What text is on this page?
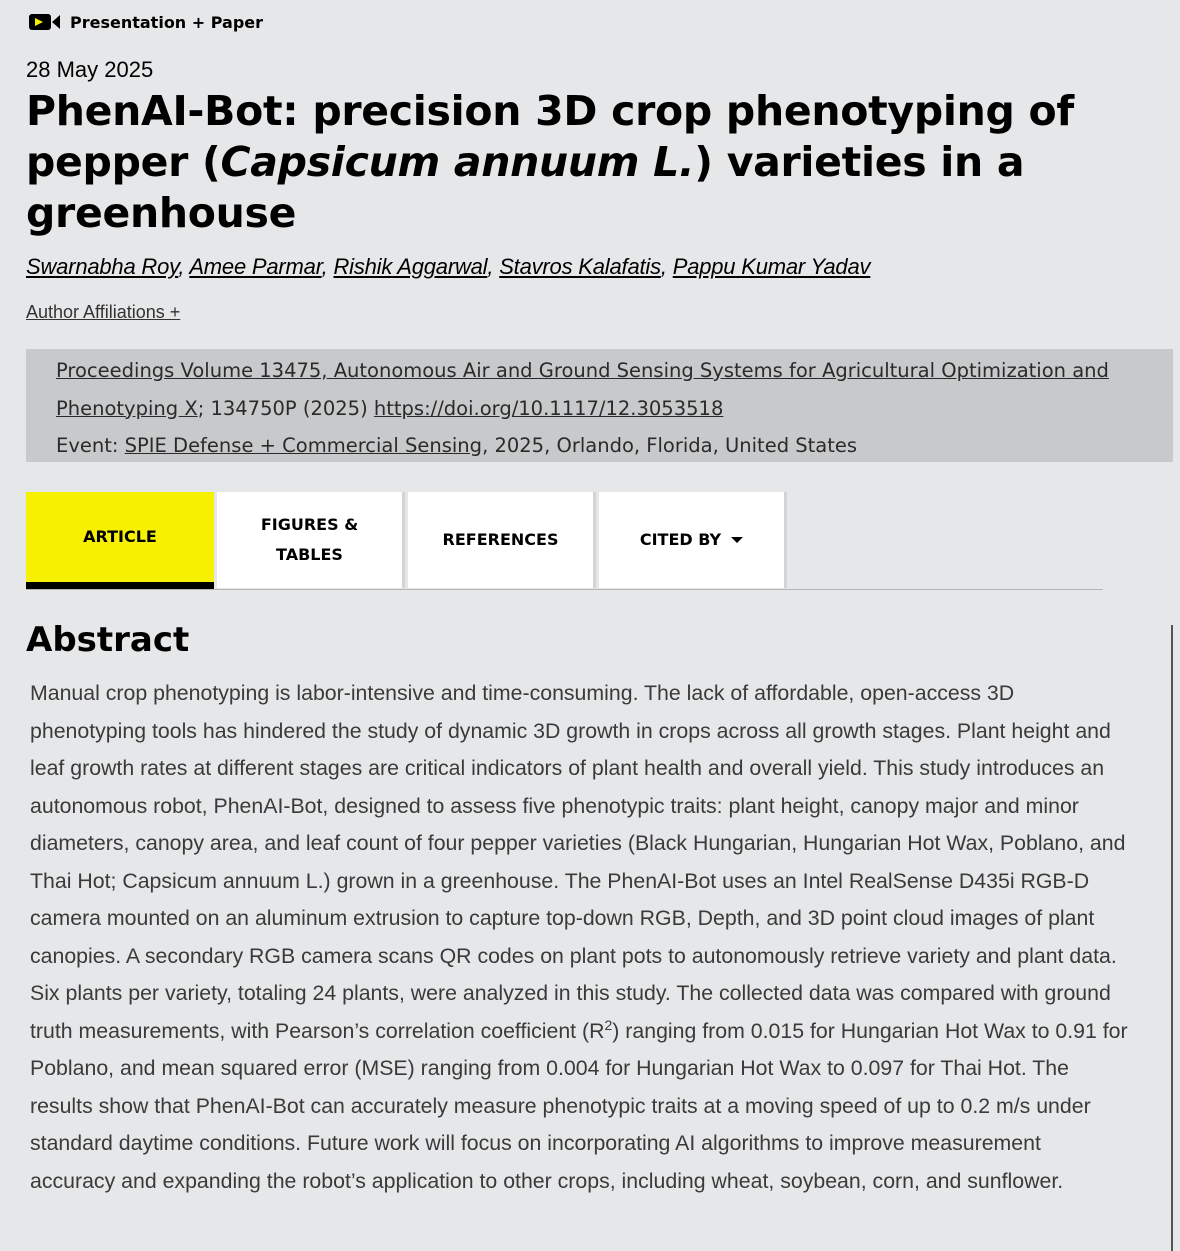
Presentation + Paper
28 May 2025
PhenAI-Bot: precision 3D crop phenotyping of pepper (Capsicum annuum L.) varieties in a greenhouse
Swarnabha Roy, Amee Parmar, Rishik Aggarwal, Stavros Kalafatis, Pappu Kumar Yadav
Author Affiliations +
Proceedings Volume 13475, Autonomous Air and Ground Sensing Systems for Agricultural Optimization and Phenotyping X; 134750P (2025) https://doi.org/10.1117/12.3053518
Event: SPIE Defense + Commercial Sensing, 2025, Orlando, Florida, United States
ARTICLE
FIGURES &
TABLES
REFERENCES	CITED BY
Abstract

Manual crop phenotyping is labor-intensive and time-consuming. The lack of affordable, open-access 3D phenotyping tools has hindered the study of dynamic 3D growth in crops across all growth stages. Plant height and leaf growth rates at different stages are critical indicators of plant health and overall yield. This study introduces an autonomous robot, PhenAI-Bot, designed to assess five phenotypic traits: plant height, canopy major and minor diameters, canopy area, and leaf count of four pepper varieties (Black Hungarian, Hungarian Hot Wax, Poblano, and Thai Hot; Capsicum annuum L.) grown in a greenhouse. The PhenAI-Bot uses an Intel RealSense D435i RGB-D camera mounted on an aluminum extrusion to capture top-down RGB, Depth, and 3D point cloud images of plant canopies. A secondary RGB camera scans QR codes on plant pots to autonomously retrieve variety and plant data. Six plants per variety, totaling 24 plants, were analyzed in this study. The collected data was compared with ground truth measurements, with Pearson’s correlation coefficient $(R^2)$ ranging from 0.015 for Hungarian Hot Wax to 0.91 for Poblano, and mean squared error (MSE) ranging from 0.004 for Hungarian Hot Wax to 0.097 for Thai Hot. The results show that PhenAI-Bot can accurately measure phenotypic traits at a moving speed of up to 0.2 m/s under standard daytime conditions. Future work will focus on incorporating AI algorithms to improve measurement accuracy and expanding the robot’s application to other crops, including wheat, soybean, corn, and sunflower.
